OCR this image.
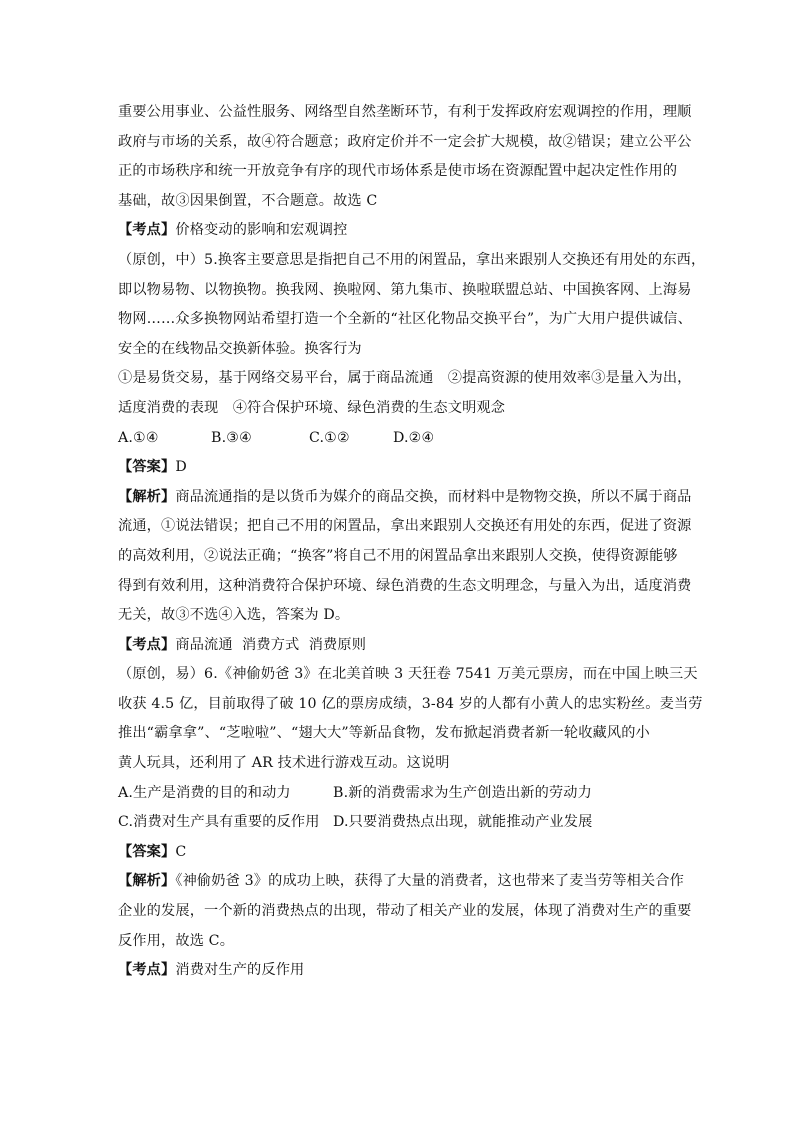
重要公用事业、公益性服务、网络型自然垄断环节，有利于发挥政府宏观调控的作用，理顺
政府与市场的关系，故④符合题意；政府定价并不一定会扩大规模，故②错误；建立公平公
正的市场秩序和统一开放竞争有序的现代市场体系是使市场在资源配置中起决定性作用的
基础，故③因果倒置，不合题意。故选 C
【考点】价格变动的影响和宏观调控
（原创，中）5.换客主要意思是指把自己不用的闲置品，拿出来跟别人交换还有用处的东西，
即以物易物、以物换物。换我网、换啦网、第九集市、换啦联盟总站、中国换客网、上海易
物网……众多换物网站希望打造一个全新的“社区化物品交换平台”，为广大用户提供诚信、
安全的在线物品交换新体验。换客行为
①是易货交易，基于网络交易平台，属于商品流通　②提高资源的使用效率③是量入为出，
适度消费的表现　④符合保护环境、绿色消费的生态文明观念
A.①④	B.③④	C.①②	D.②④
【答案】D
【解析】商品流通指的是以货币为媒介的商品交换，而材料中是物物交换，所以不属于商品
流通，①说法错误；把自己不用的闲置品，拿出来跟别人交换还有用处的东西，促进了资源
的高效利用，②说法正确；“换客”将自己不用的闲置品拿出来跟别人交换，使得资源能够
得到有效利用，这种消费符合保护环境、绿色消费的生态文明理念，与量入为出，适度消费
无关，故③不选④入选，答案为 D。
【考点】商品流通  消费方式  消费原则
（原创，易）6.《神偷奶爸 3》在北美首映 3 天狂卷 7541 万美元票房，而在中国上映三天
收获 4.5 亿，目前取得了破 10 亿的票房成绩，3-84 岁的人都有小黄人的忠实粉丝。麦当劳
推出“霸拿拿”、“芝啦啦”、“翅大大”等新品食物，发布掀起消费者新一轮收藏风的小
黄人玩具，还利用了 AR 技术进行游戏互动。这说明
A.生产是消费的目的和动力	B.新的消费需求为生产创造出新的劳动力
C.消费对生产具有重要的反作用 D.只要消费热点出现，就能推动产业发展
【答案】C
【解析】《神偷奶爸 3》的成功上映，获得了大量的消费者，这也带来了麦当劳等相关合作
企业的发展，一个新的消费热点的出现，带动了相关产业的发展，体现了消费对生产的重要
反作用，故选 C。
【考点】消费对生产的反作用
